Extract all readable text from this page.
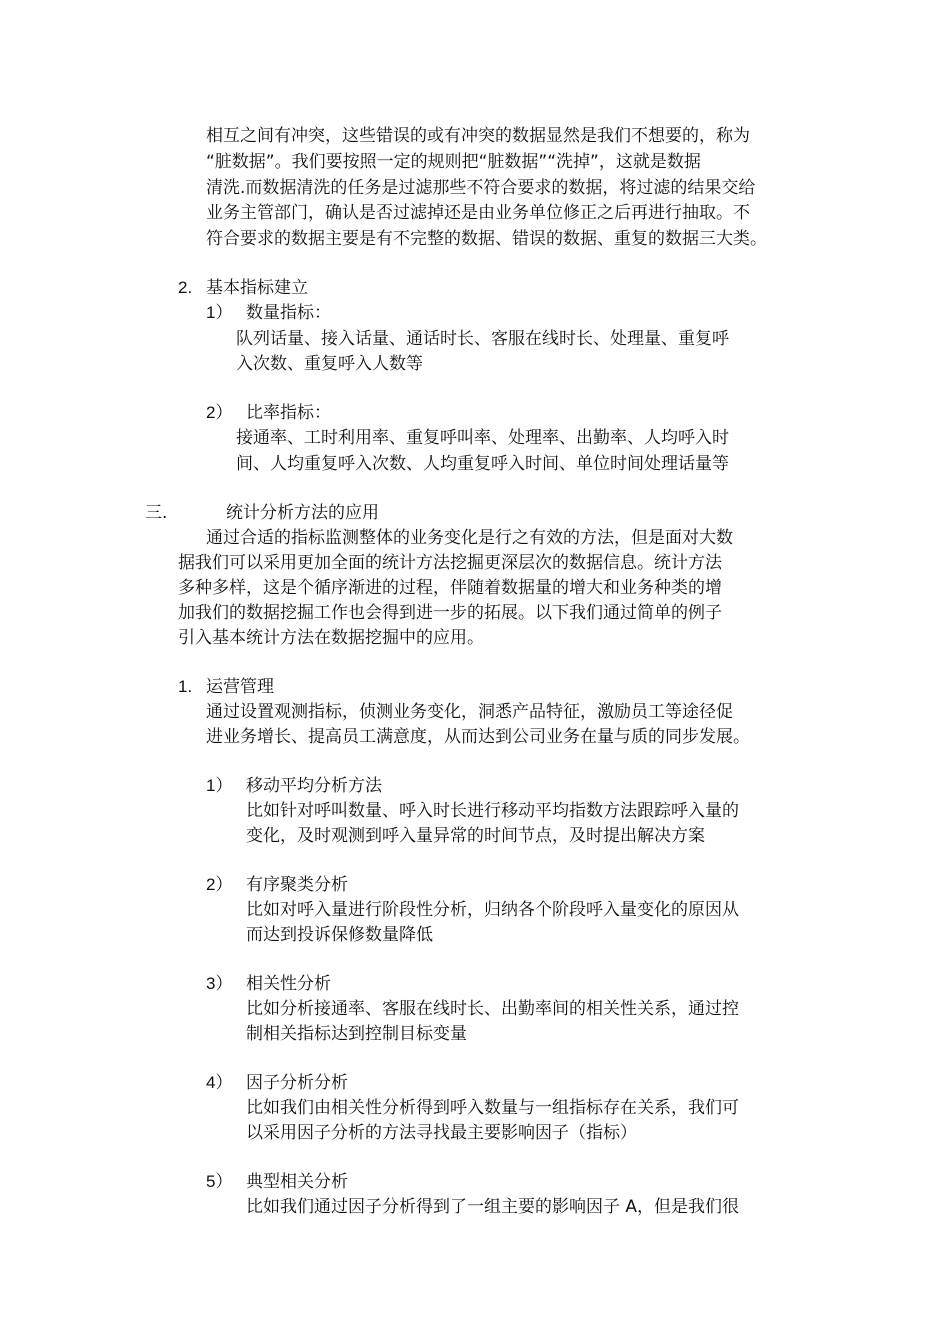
相互之间有冲突，这些错误的或有冲突的数据显然是我们不想要的，称为

“脏数据”。我们要按照一定的规则把“脏数据”“洗掉”，这就是数据

清洗.而数据清洗的任务是过滤那些不符合要求的数据，将过滤的结果交给

业务主管部门，确认是否过滤掉还是由业务单位修正之后再进行抽取。不

符合要求的数据主要是有不完整的数据、错误的数据、重复的数据三大类。

2. 基本指标建立
1） 数量指标：

队列话量、接入话量、通话时长、客服在线时长、处理量、重复呼

入次数、重复呼入人数等

2） 比率指标：

接通率、工时利用率、重复呼叫率、处理率、出勤率、人均呼入时

间、人均重复呼入次数、人均重复呼入时间、单位时间处理话量等

三.	统计分析方法的应用

通过合适的指标监测整体的业务变化是行之有效的方法，但是面对大数

据我们可以采用更加全面的统计方法挖掘更深层次的数据信息。统计方法

多种多样，这是个循序渐进的过程，伴随着数据量的增大和业务种类的增

加我们的数据挖掘工作也会得到进一步的拓展。以下我们通过简单的例子

引入基本统计方法在数据挖掘中的应用。

1. 运营管理

通过设置观测指标，侦测业务变化，洞悉产品特征，激励员工等途径促

进业务增长、提高员工满意度，从而达到公司业务在量与质的同步发展。

1） 移动平均分析方法

比如针对呼叫数量、呼入时长进行移动平均指数方法跟踪呼入量的

变化，及时观测到呼入量异常的时间节点，及时提出解决方案

2） 有序聚类分析

比如对呼入量进行阶段性分析，归纳各个阶段呼入量变化的原因从

而达到投诉保修数量降低

3） 相关性分析

比如分析接通率、客服在线时长、出勤率间的相关性关系，通过控

制相关指标达到控制目标变量

4） 因子分析分析

比如我们由相关性分析得到呼入数量与一组指标存在关系，我们可

以采用因子分析的方法寻找最主要影响因子（指标）

5） 典型相关分析

比如我们通过因子分析得到了一组主要的影响因子 A，但是我们很
